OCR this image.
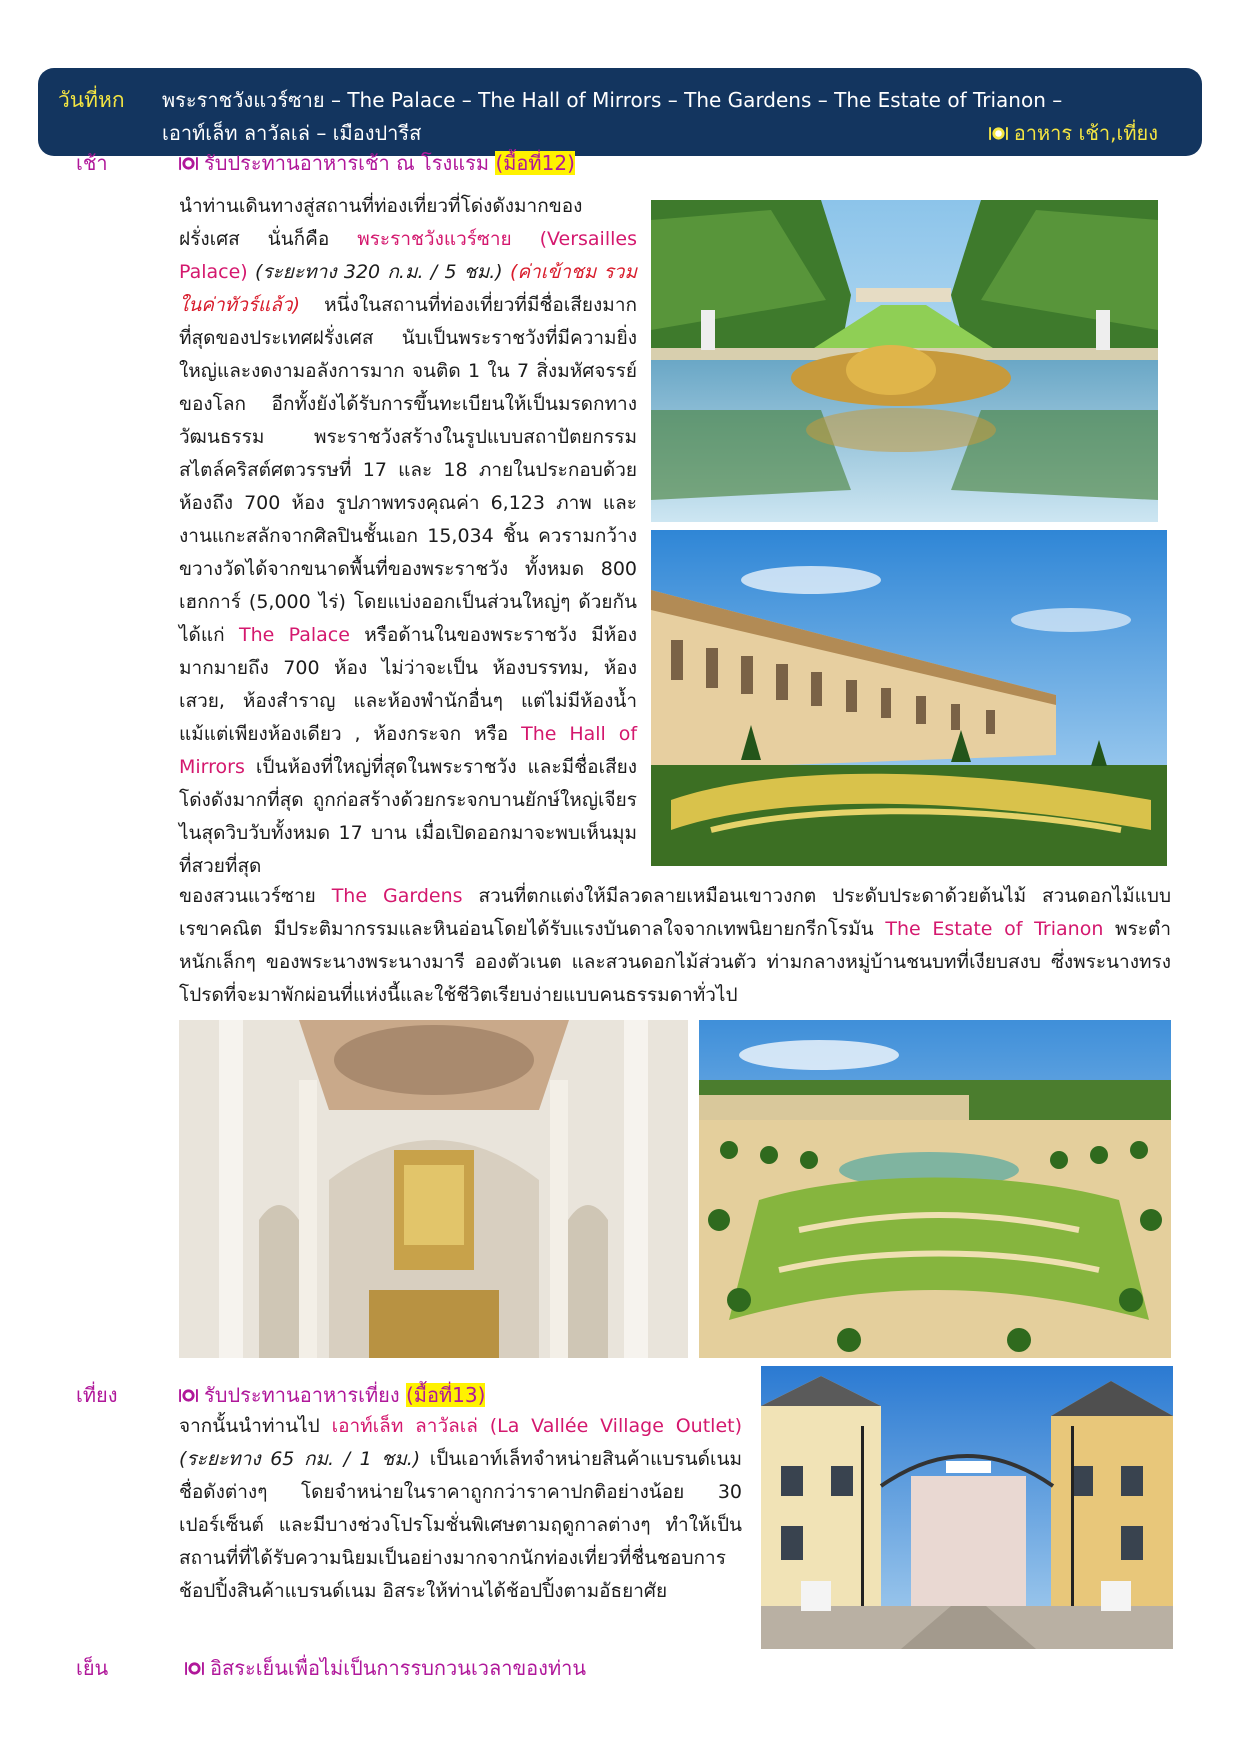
วันที่หก พระราชวังแวร์ซาย – The Palace – The Hall of Mirrors – The Gardens – The Estate of Trianon –
เอาท์เล็ท ลาวัลเล่ – เมืองปารีส	อาหาร เช้า,เที่ยง
เช้า	รับประทานอาหารเช้า ณ โรงแรม (มื้อที่12)
นำท่านเดินทางสู่สถานที่ท่องเที่ยวที่โด่งดังมากของ ฝรั่งเศส นั่นก็คือ พระราชวังแวร์ซาย (Versailles Palace) (ระยะทาง 320 ก.ม. / 5 ชม.) (ค่าเข้าชม รวมในค่าทัวร์แล้ว) หนึ่งในสถานที่ท่องเที่ยวที่มีชื่อเสียงมากที่สุดของประเทศฝรั่งเศส นับเป็นพระราชวังที่มีความยิ่งใหญ่และงดงามอลังการมาก จนติด 1 ใน 7 สิ่งมหัศจรรย์ของโลก อีกทั้งยังได้รับการขึ้นทะเบียนให้เป็นมรดกทางวัฒนธรรม พระราชวังสร้างในรูปแบบสถาปัตยกรรมสไตล์คริสต์ศตวรรษที่ 17 และ 18 ภายในประกอบด้วยห้องถึง 700 ห้อง รูปภาพทรงคุณค่า 6,123 ภาพ และงานแกะสลักจากศิลปินชั้นเอก 15,034 ชิ้น ควรามกว้างขวางวัดได้จากขนาดพื้นที่ของพระราชวัง ทั้งหมด 800 เฮกการ์ (5,000 ไร่) โดยแบ่งออกเป็นส่วนใหญ่ๆ ด้วยกัน ได้แก่ The Palace หรือด้านในของพระราชวัง มีห้องมากมายถึง 700 ห้อง ไม่ว่าจะเป็น ห้องบรรทม, ห้องเสวย, ห้องสำราญ และห้องพำนักอื่นๆ แต่ไม่มีห้องน้ำแม้แต่เพียงห้องเดียว , ห้องกระจก หรือ The Hall of Mirrors เป็นห้องที่ใหญ่ที่สุดในพระราชวัง และมีชื่อเสียงโด่งดังมากที่สุด ถูกก่อสร้างด้วยกระจกบานยักษ์ใหญ่เจียรไนสุดวิบวับทั้งหมด 17 บาน เมื่อเปิดออกมาจะพบเห็นมุมที่สวยที่สุด
ของสวนแวร์ซาย The Gardens สวนที่ตกแต่งให้มีลวดลายเหมือนเขาวงกต ประดับประดาด้วยต้นไม้ สวนดอกไม้แบบเรขาคณิต มีประติมากรรมและหินอ่อนโดยได้รับแรงบันดาลใจจากเทพนิยายกรีกโรมัน The Estate of Trianon พระตำหนักเล็กๆ ของพระนางพระนางมารี อองตัวเนต และสวนดอกไม้ส่วนตัว ท่ามกลางหมู่บ้านชนบทที่เงียบสงบ ซึ่งพระนางทรงโปรดที่จะมาพักผ่อนที่แห่งนี้และใช้ชีวิตเรียบง่ายแบบคนธรรมดาทั่วไป
เที่ยง	รับประทานอาหารเที่ยง (มื้อที่13)
จากนั้นนำท่านไป เอาท์เล็ท ลาวัลเล่ (La Vallée Village Outlet) (ระยะทาง 65 กม. / 1 ชม.) เป็นเอาท์เล็ทจำหน่ายสินค้าแบรนด์เนมชื่อดังต่างๆ โดยจำหน่ายในราคาถูกกว่าราคาปกติอย่างน้อย 30 เปอร์เซ็นต์ และมีบางช่วงโปรโมชั่นพิเศษตามฤดูกาลต่างๆ ทำให้เป็นสถานที่ที่ได้รับความนิยมเป็นอย่างมากจากนักท่องเที่ยวที่ชื่นชอบการช้อปปิ้งสินค้าแบรนด์เนม อิสระให้ท่านได้ช้อปปิ้งตามอัธยาศัย
เย็น	อิสระเย็นเพื่อไม่เป็นการรบกวนเวลาของท่าน
